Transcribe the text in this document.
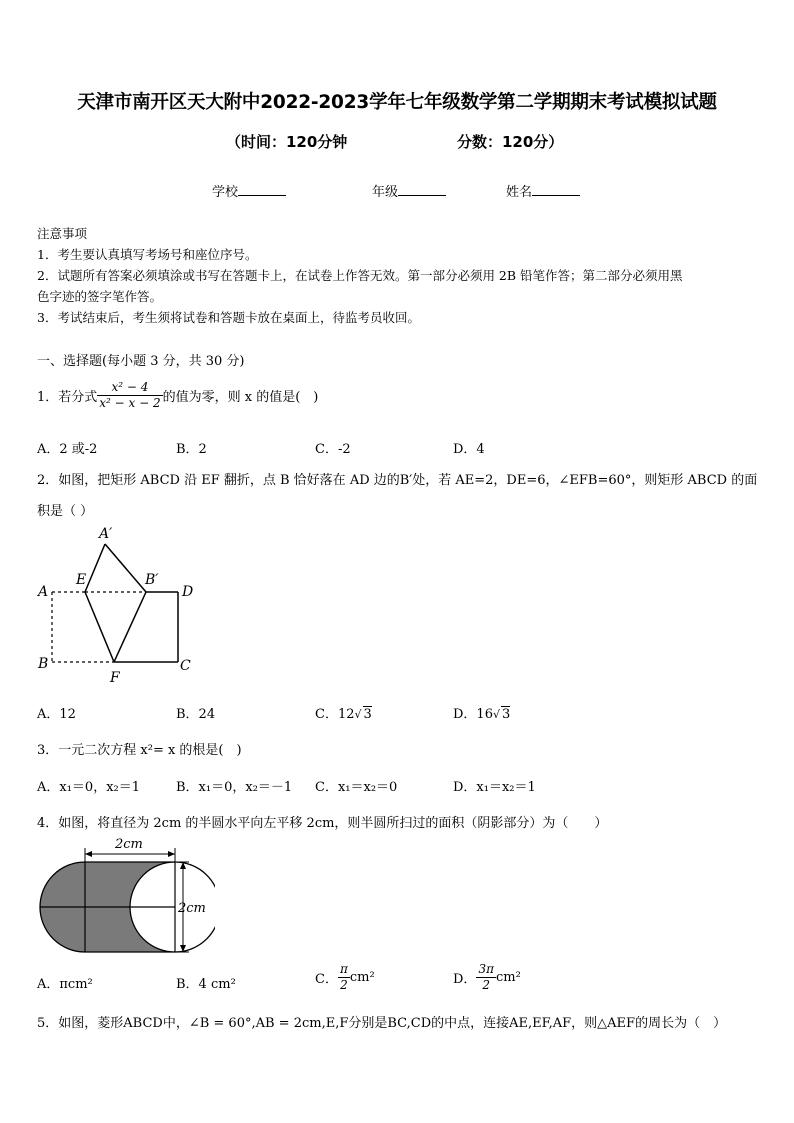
天津市南开区天大附中2022-2023学年七年级数学第二学期期末考试模拟试题
（时间：120分钟	分数：120分）
学校	年级	姓名
注意事项
1．考生要认真填写考场号和座位序号。
2．试题所有答案必须填涂或书写在答题卡上，在试卷上作答无效。第一部分必须用 2B 铅笔作答；第二部分必须用黑
色字迹的签字笔作答。
3．考试结束后，考生须将试卷和答题卡放在桌面上，待监考员收回。
一、选择题(每小题 3 分，共 30 分)
1．若分式 $\frac{\text{x² − 4}}{\text{x² − x − 2}}$ 的值为零，则 x 的值是(　)
A．2 或-2	B．2	C．-2	D．4
2．如图，把矩形 ABCD 沿 EF 翻折，点 B 恰好落在 AD 边的B′处，若 AE=2，DE=6，∠EFB=60°，则矩形 ABCD 的面
积是（ ）
A′
A
E	B′
D
B
F
C
A．12	B．24	C．12√ 3	D．16√ 3
3．一元二次方程 x²= x 的根是(　)
A．x₁＝0，x₂＝1	B．x₁＝0，x₂＝－1 C．x₁＝x₂＝0	D．x₁＝x₂＝1
4．如图，将直径为 2cm 的半圆水平向左平移 2cm，则半圆所扫过的面积（阴影部分）为（　　）
2cm
2cm
A．πcm²	B．4 cm²	C． $\frac{\pi}{2} cm^2$	D． $\frac{3\pi}{2} cm^2$
5．如图，菱形ABCD中，∠B = 60°,AB = 2cm,E,F分别是BC,CD的中点，连接AE,EF,AF，则△AEF的周长为（　）
